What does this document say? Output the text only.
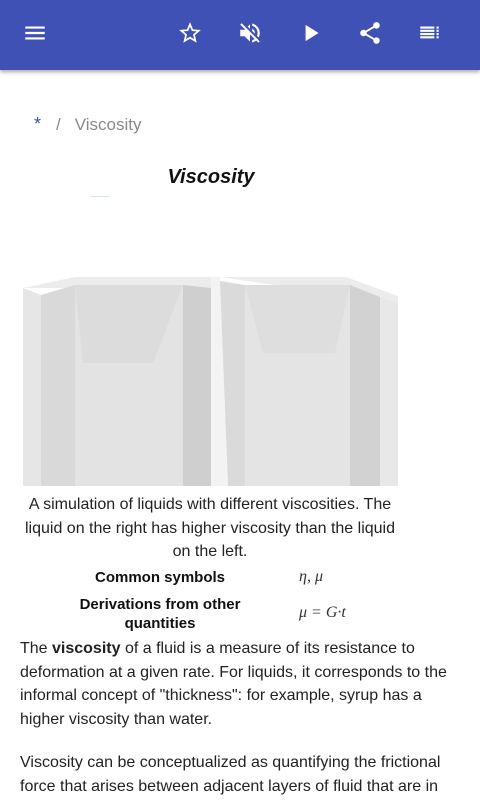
* / Viscosity
Viscosity
A simulation of liquids with different viscosities. The liquid on the right has higher viscosity than the liquid on the left.
Common symbols	η, μ
Derivations from other quantities
μ = G·t
The viscosity of a fluid is a measure of its resistance to deformation at a given rate. For liquids, it corresponds to the informal concept of "thickness": for example, syrup has a higher viscosity than water.
Viscosity can be conceptualized as quantifying the frictional force that arises between adjacent layers of fluid that are in
